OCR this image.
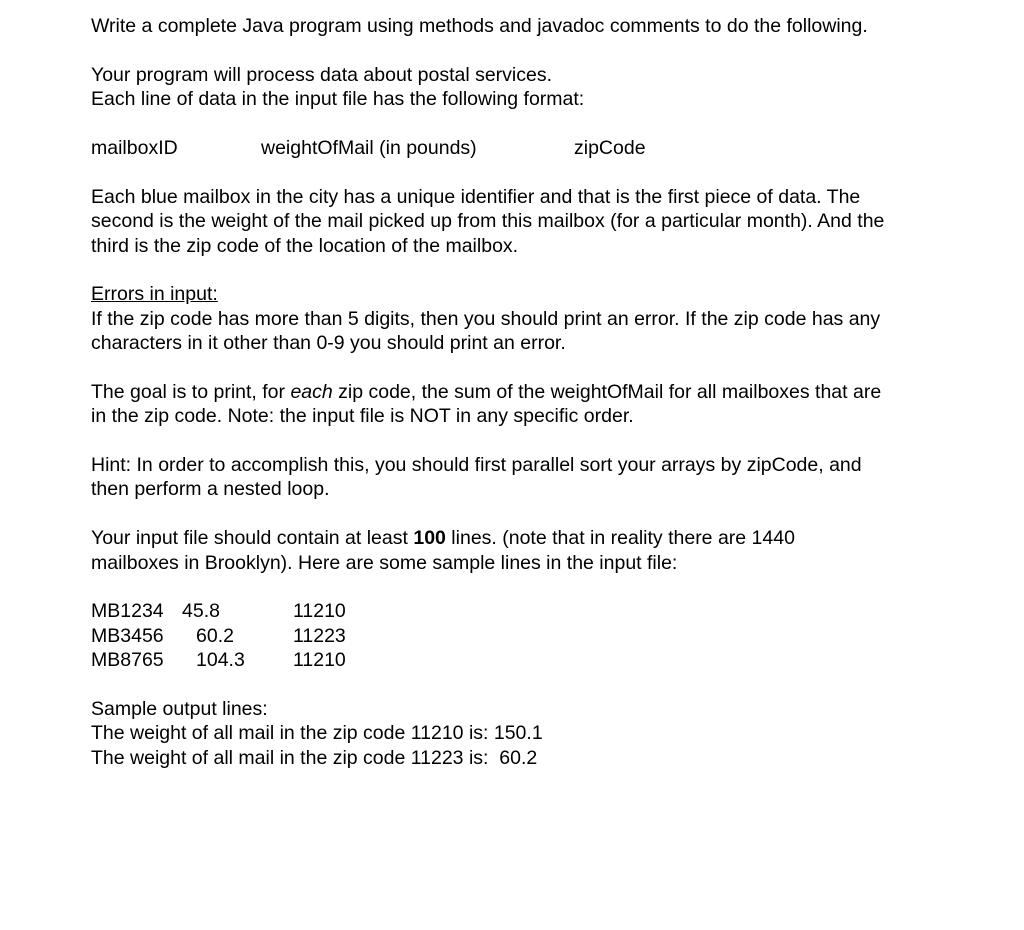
Write a complete Java program using methods and javadoc comments to do the following.
Your program will process data about postal services.
Each line of data in the input file has the following format:
mailboxID	weightOfMail (in pounds)	zipCode
Each blue mailbox in the city has a unique identifier and that is the first piece of data. The
second is the weight of the mail picked up from this mailbox (for a particular month). And the
third is the zip code of the location of the mailbox.
Errors in input:
If the zip code has more than 5 digits, then you should print an error. If the zip code has any
characters in it other than 0-9 you should print an error.
The goal is to print, for each zip code, the sum of the weightOfMail for all mailboxes that are
in the zip code. Note: the input file is NOT in any specific order.
Hint: In order to accomplish this, you should first parallel sort your arrays by zipCode, and
then perform a nested loop.
Your input file should contain at least 100 lines. (note that in reality there are 1440
mailboxes in Brooklyn). Here are some sample lines in the input file:
MB1234 45.8	11210
MB3456 60.2	11223
MB8765 104.3 11210
Sample output lines:
The weight of all mail in the zip code 11210 is: 150.1
The weight of all mail in the zip code 11223 is:  60.2
